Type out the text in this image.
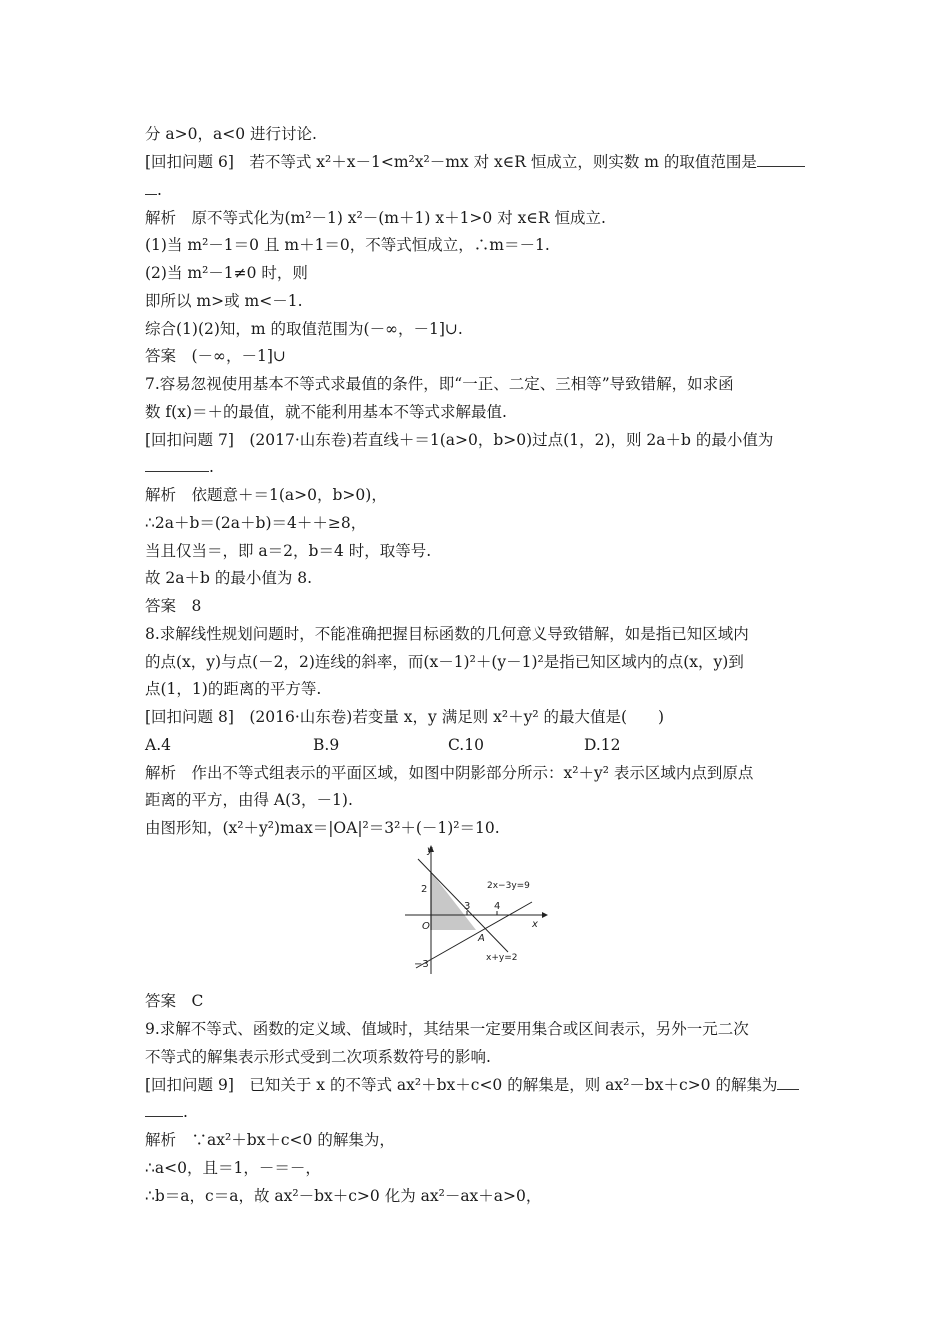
分 a>0，a<0 进行讨论.
[回扣问题 6]　若不等式 x²＋x－1<m²x²－mx 对 x∈R 恒成立，则实数 m 的取值范围是
.
解析　原不等式化为(m²－1) x²－(m＋1) x＋1>0 对 x∈R 恒成立.
(1)当 m²－1＝0 且 m＋1＝0，不等式恒成立，∴m＝－1.
(2)当 m²－1≠0 时，则
即所以 m>或 m<－1.
综合(1)(2)知，m 的取值范围为(－∞，－1]∪.
答案　(－∞，－1]∪
7.容易忽视使用基本不等式求最值的条件，即“一正、二定、三相等”导致错解，如求函
数 f(x)＝＋的最值，就不能利用基本不等式求解最值.
[回扣问题 7]　(2017·山东卷)若直线＋＝1(a>0，b>0)过点(1，2)，则 2a＋b 的最小值为
.
解析　依题意＋＝1(a>0，b>0)，
∴2a＋b＝(2a＋b)＝4＋＋≥8，
当且仅当＝，即 a＝2，b＝4 时，取等号.
故 2a＋b 的最小值为 8.
答案　8
8.求解线性规划问题时，不能准确把握目标函数的几何意义导致错解，如是指已知区域内
的点(x，y)与点(－2，2)连线的斜率，而(x－1)²＋(y－1)²是指已知区域内的点(x，y)到
点(1，1)的距离的平方等.
[回扣问题 8]　(2016·山东卷)若变量 x，y 满足则 x²＋y² 的最大值是(　　)
A.4	B.9	C.10	D.12
解析　作出不等式组表示的平面区域，如图中阴影部分所示：x²＋y² 表示区域内点到原点
距离的平方，由得 A(3，－1).
由图形知，(x²＋y²)max＝|OA|²＝3²＋(－1)²＝10.
y
x
O
A
2
3 4
−3
2x−3y=9
x+y=2
答案　C
9.求解不等式、函数的定义域、值域时，其结果一定要用集合或区间表示，另外一元二次
不等式的解集表示形式受到二次项系数符号的影响.
[回扣问题 9]　已知关于 x 的不等式 ax²＋bx＋c<0 的解集是，则 ax²－bx＋c>0 的解集为
.
解析　∵ax²＋bx＋c<0 的解集为，
∴a<0，且＝1，－＝－，
∴b＝a，c＝a，故 ax²－bx＋c>0 化为 ax²－ax＋a>0，
